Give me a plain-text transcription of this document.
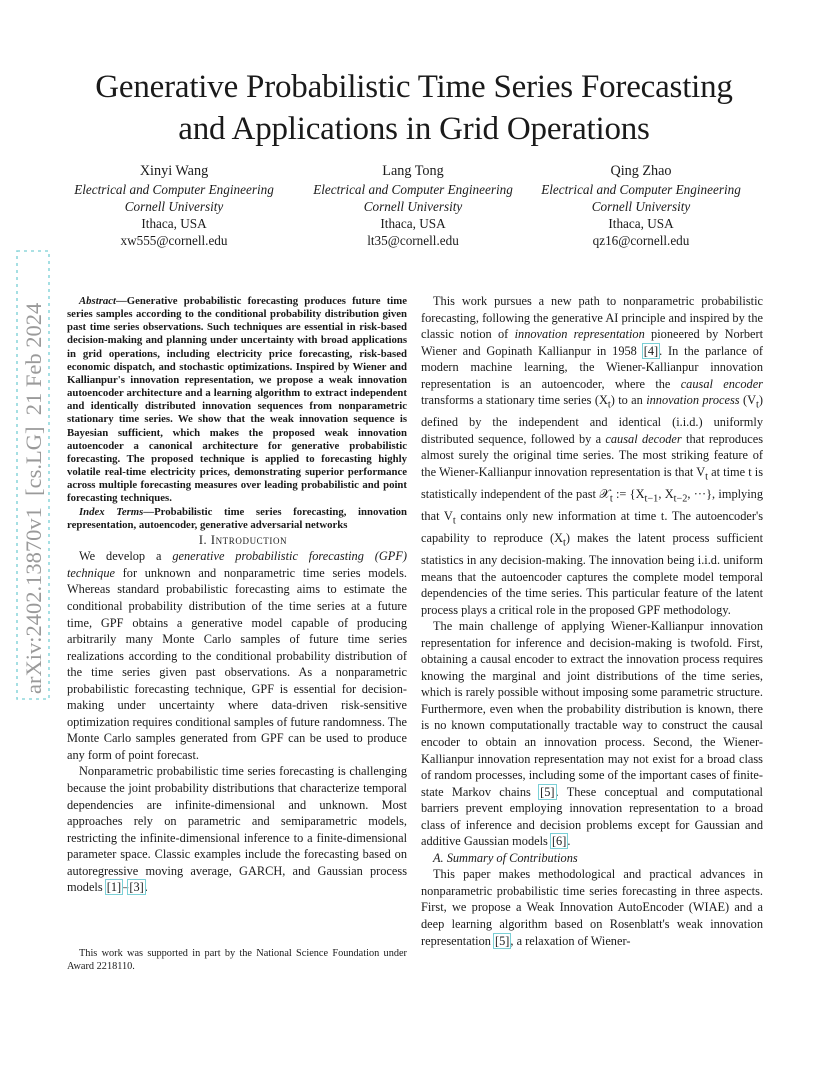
Generative Probabilistic Time Series Forecasting
and Applications in Grid Operations
Xinyi Wang
Electrical and Computer Engineering
Cornell University
Ithaca, USA
xw555@cornell.edu
Lang Tong
Electrical and Computer Engineering
Cornell University
Ithaca, USA
lt35@cornell.edu
Qing Zhao
Electrical and Computer Engineering
Cornell University
Ithaca, USA
qz16@cornell.edu
arXiv:2402.13870v1  [cs.LG]  21 Feb 2024

Abstract—Generative probabilistic forecasting produces future time series samples according to the conditional probability distribution given past time series observations. Such techniques are essential in risk-based decision-making and planning under uncertainty with broad applications in grid operations, including electricity price forecasting, risk-based economic dispatch, and stochastic optimizations. Inspired by Wiener and Kallianpur's innovation representation, we propose a weak innovation autoencoder architecture and a learning algorithm to extract independent and identically distributed innovation sequences from nonparametric stationary time series. We show that the weak innovation sequence is Bayesian sufficient, which makes the proposed weak innovation autoencoder a canonical architecture for generative probabilistic forecasting. The proposed technique is applied to forecasting highly volatile real-time electricity prices, demonstrating superior performance across multiple forecasting measures over leading probabilistic and point forecasting techniques.

Index Terms—Probabilistic time series forecasting, innovation representation, autoencoder, generative adversarial networks

I. Introduction

We develop a generative probabilistic forecasting (GPF) technique for unknown and nonparametric time series models. Whereas standard probabilistic forecasting aims to estimate the conditional probability distribution of the time series at a future time, GPF obtains a generative model capable of producing arbitrarily many Monte Carlo samples of future time series realizations according to the conditional probability distribution of the time series given past observations. As a nonparametric probabilistic forecasting technique, GPF is essential for decision-making under uncertainty where data-driven risk-sensitive optimization requires conditional samples of future randomness. The Monte Carlo samples generated from GPF can be used to produce any form of point forecast.

Nonparametric probabilistic time series forecasting is challenging because the joint probability distributions that characterize temporal dependencies are infinite-dimensional and unknown. Most approaches rely on parametric and semiparametric models, restricting the infinite-dimensional inference to a finite-dimensional parameter space. Classic examples include the forecasting based on autoregressive moving average, GARCH, and Gaussian process models [1]–[3].

This work was supported in part by the National Science Foundation under Award 2218110.

This work pursues a new path to nonparametric probabilistic forecasting, following the generative AI principle and inspired by the classic notion of innovation representation pioneered by Norbert Wiener and Gopinath Kallianpur in 1958 [4]. In the parlance of modern machine learning, the Wiener-Kallianpur innovation representation is an autoencoder, where the causal encoder transforms a stationary time series $(X_t)$ to an innovation process $(V_t)$ defined by the independent and identical (i.i.d.) uniformly distributed sequence, followed by a causal decoder that reproduces almost surely the original time series. The most striking feature of the Wiener-Kallianpur innovation representation is that $V_t$ at time t is statistically independent of the past 𝒳$_t$ := {$X_{t-1}$, $X_{t-2}$, ···}, implying that $V_t$ contains only new information at time t. The autoencoder's capability to reproduce $(X_t)$ makes the latent process sufficient statistics in any decision-making. The innovation being i.i.d. uniform means that the autoencoder captures the complete model temporal dependencies of the time series. This particular feature of the latent process plays a critical role in the proposed GPF methodology.

The main challenge of applying Wiener-Kallianpur innovation representation for inference and decision-making is twofold. First, obtaining a causal encoder to extract the innovation process requires knowing the marginal and joint distributions of the time series, which is rarely possible without imposing some parametric structure. Furthermore, even when the probability distribution is known, there is no known computationally tractable way to construct the causal encoder to obtain an innovation process. Second, the Wiener-Kallianpur innovation representation may not exist for a broad class of random processes, including some of the important cases of finite-state Markov chains [5]. These conceptual and computational barriers prevent employing innovation representation to a broad class of inference and decision problems except for Gaussian and additive Gaussian models [6].

A. Summary of Contributions

This paper makes methodological and practical advances in nonparametric probabilistic time series forecasting in three aspects. First, we propose a Weak Innovation AutoEncoder (WIAE) and a deep learning algorithm based on Rosenblatt's weak innovation representation [5], a relaxation of Wiener-
